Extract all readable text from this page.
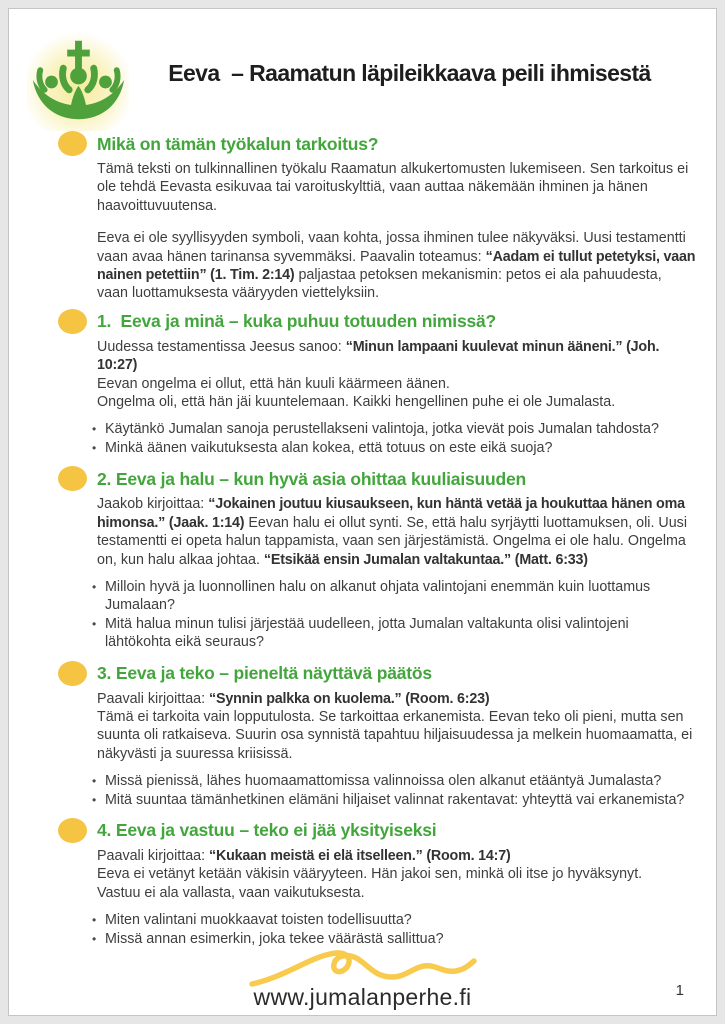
Eeva  – Raamatun läpileikkaava peili ihmisestä
Mikä on tämän työkalun tarkoitus?

Tämä teksti on tulkinnallinen työkalu Raamatun alkukertomusten lukemiseen. Sen tarkoitus ei ole tehdä Eevasta esikuvaa tai varoituskylttiä, vaan auttaa näkemään ihminen ja hänen haavoittuvuutensa.

Eeva ei ole syyllisyyden symboli, vaan kohta, jossa ihminen tulee näkyväksi. Uusi testamentti vaan avaa hänen tarinansa syvemmäksi. Paavalin toteamus: “Aadam ei tullut petetyksi, vaan nainen petettiin” (1. Tim. 2:14) paljastaa petoksen mekanismin: petos ei ala pahuudesta, vaan luottamuksesta vääryyden viettelyksiin.

1.  Eeva ja minä – kuka puhuu totuuden nimissä?

Uudessa testamentissa Jeesus sanoo: “Minun lampaani kuulevat minun ääneni.” (Joh. 10:27)
Eevan ongelma ei ollut, että hän kuuli käärmeen äänen.
Ongelma oli, että hän jäi kuuntelemaan. Kaikki hengellinen puhe ei ole Jumalasta.

• Käytänkö Jumalan sanoja perustellakseni valintoja, jotka vievät pois Jumalan tahdosta?
• Minkä äänen vaikutuksesta alan kokea, että totuus on este eikä suoja?
2. Eeva ja halu – kun hyvä asia ohittaa kuuliaisuuden

Jaakob kirjoittaa: “Jokainen joutuu kiusaukseen, kun häntä vetää ja houkuttaa hänen oma himonsa.” (Jaak. 1:14) Eevan halu ei ollut synti. Se, että halu syrjäytti luottamuksen, oli. Uusi testamentti ei opeta halun tappamista, vaan sen järjestämistä. Ongelma ei ole halu. Ongelma on, kun halu alkaa johtaa. “Etsikää ensin Jumalan valtakuntaa.” (Matt. 6:33)

• Milloin hyvä ja luonnollinen halu on alkanut ohjata valintojani enemmän kuin luottamus Jumalaan?
• Mitä halua minun tulisi järjestää uudelleen, jotta Jumalan valtakunta olisi valintojeni lähtökohta eikä seuraus?
3. Eeva ja teko – pieneltä näyttävä päätös

Paavali kirjoittaa: “Synnin palkka on kuolema.” (Room. 6:23)
Tämä ei tarkoita vain lopputulosta. Se tarkoittaa erkanemista. Eevan teko oli pieni, mutta sen suunta oli ratkaiseva. Suurin osa synnistä tapahtuu hiljaisuudessa ja melkein huomaamatta, ei näkyvästi ja suuressa kriisissä.

• Missä pienissä, lähes huomaamattomissa valinnoissa olen alkanut etääntyä Jumalasta?
• Mitä suuntaa tämänhetkinen elämäni hiljaiset valinnat rakentavat: yhteyttä vai erkanemista?
4. Eeva ja vastuu – teko ei jää yksityiseksi

Paavali kirjoittaa: “Kukaan meistä ei elä itselleen.” (Room. 14:7)
Eeva ei vetänyt ketään väkisin vääryyteen. Hän jakoi sen, minkä oli itse jo hyväksynyt.
Vastuu ei ala vallasta, vaan vaikutuksesta.

• Miten valintani muokkaavat toisten todellisuutta?
• Missä annan esimerkin, joka tekee väärästä sallittua?
www.jumalanperhe.fi	1
